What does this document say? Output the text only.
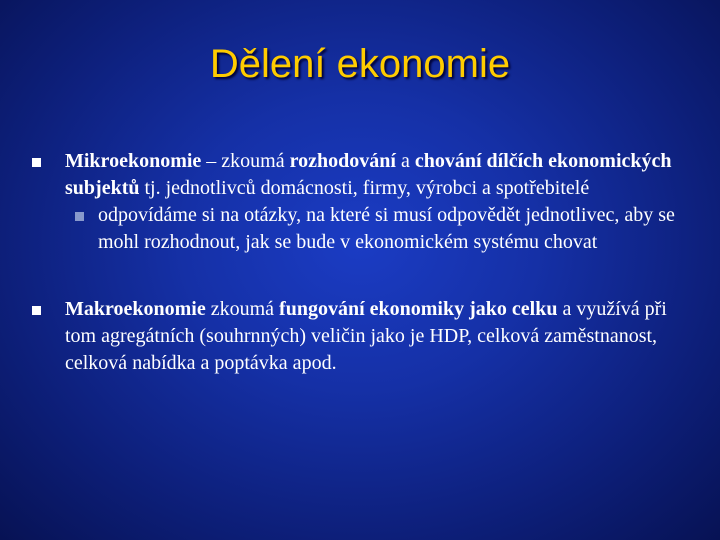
Dělení ekonomie
Mikroekonomie – zkoumá rozhodování a chování dílčích ekonomických subjektů tj. jednotlivců domácnosti, firmy, výrobci a spotřebitelé
odpovídáme si na otázky, na které si musí odpovědět jednotlivec, aby se mohl rozhodnout, jak se bude v ekonomickém systému chovat
Makroekonomie zkoumá fungování ekonomiky jako celku a využívá při tom agregátních (souhrnných) veličin jako je HDP, celková zaměstnanost, celková nabídka a poptávka apod.
